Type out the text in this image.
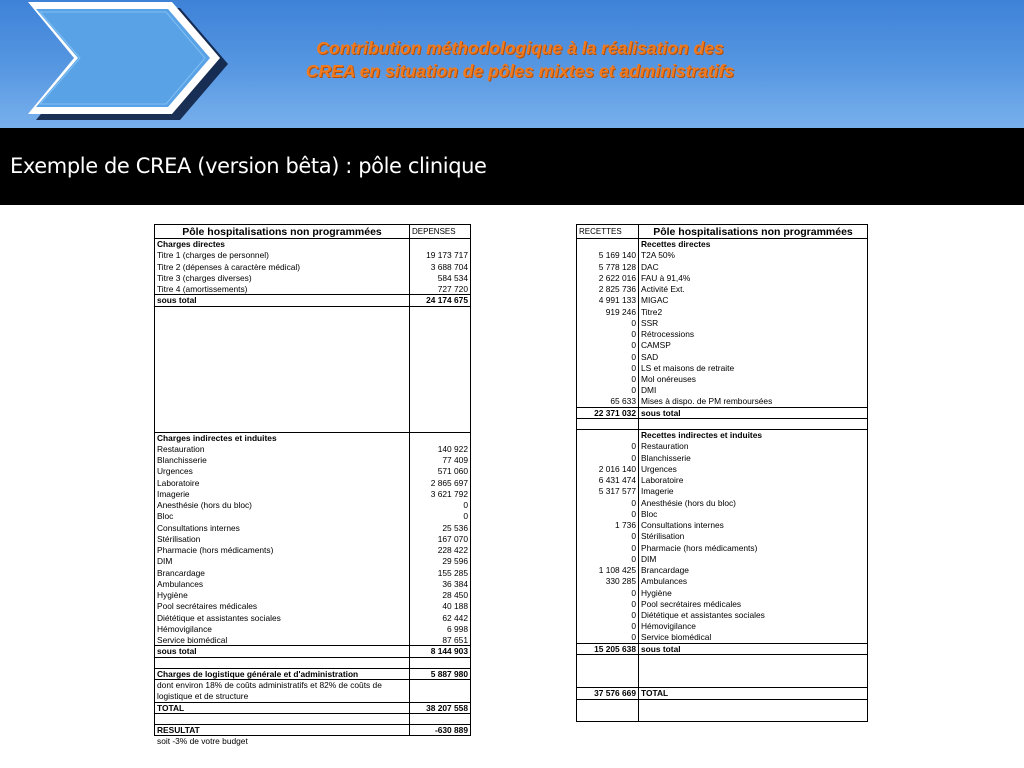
Contribution méthodologique à la réalisation des
CREA en situation de pôles mixtes et administratifs
Exemple de CREA (version bêta) : pôle clinique
Pôle hospitalisations non programmées	DEPENSES
Charges directes	
Titre 1 (charges de personnel)	19 173 717
Titre 2 (dépenses à caractère médical)	3 688 704
Titre 3 (charges diverses)	584 534
Titre 4 (amortissements)	727 720
sous total	24 174 675

Charges indirectes et induites	
Restauration	140 922
Blanchisserie	77 409
Urgences	571 060
Laboratoire	2 865 697
Imagerie	3 621 792
Anesthésie (hors du bloc)	0
Bloc	0
Consultations internes	25 536
Stérilisation	167 070
Pharmacie (hors médicaments)	228 422
DIM	29 596
Brancardage	155 285
Ambulances	36 384
Hygiène	28 450
Pool secrétaires médicales	40 188
Diététique et assistantes sociales	62 442
Hémovigilance	6 998
Service biomédical	87 651
sous total	8 144 903

Charges de logistique générale et d'administration	5 887 980
dont environ 18% de coûts administratifs et 82% de coûts de logistique et de structure	
TOTAL	38 207 558

RESULTAT	-630 889
RECETTES	Pôle hospitalisations non programmées
	Recettes directes
5 169 140	T2A 50%
5 778 128	DAC
2 622 016	FAU à 91,4%
2 825 736	Activité Ext.
4 991 133	MIGAC
919 246	Titre2
0	SSR
0	Rétrocessions
0	CAMSP
0	SAD
0	LS et maisons de retraite
0	Mol onéreuses
0	DMI
65 633	Mises à dispo. de PM remboursées
22 371 032	sous total

	Recettes indirectes et induites
0	Restauration
0	Blanchisserie
2 016 140	Urgences
6 431 474	Laboratoire
5 317 577	Imagerie
0	Anesthésie (hors du bloc)
0	Bloc
1 736	Consultations internes
0	Stérilisation
0	Pharmacie (hors médicaments)
0	DIM
1 108 425	Brancardage
330 285	Ambulances
0	Hygiène
0	Pool secrétaires médicales
0	Diététique et assistantes sociales
0	Hémovigilance
0	Service biomédical
15 205 638	sous total

37 576 669	TOTAL

soit -3% de votre budget
